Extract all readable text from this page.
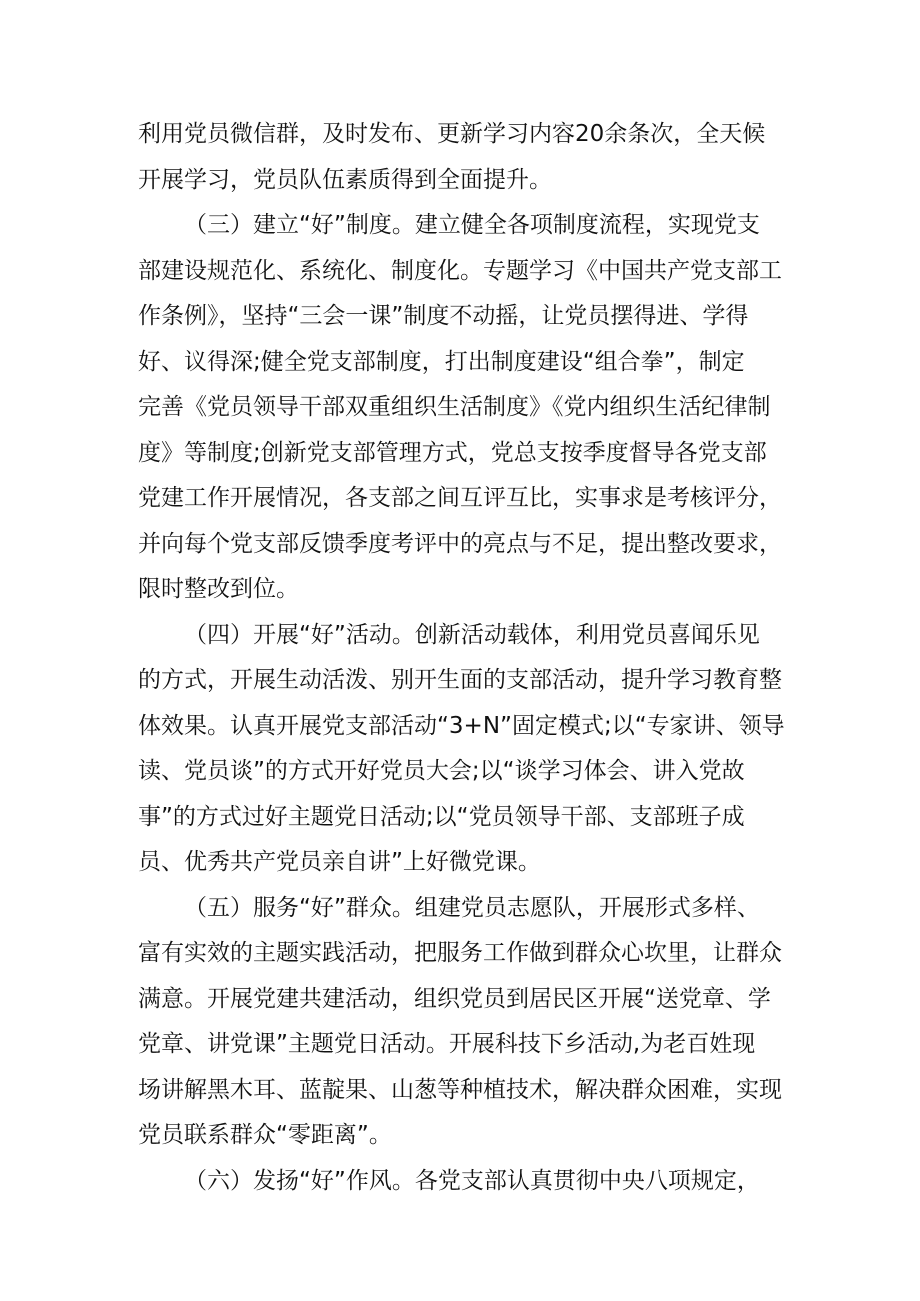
利用党员微信群，及时发布、更新学习内容20余条次，全天候
开展学习，党员队伍素质得到全面提升。
（三）建立“好”制度。建立健全各项制度流程，实现党支
部建设规范化、系统化、制度化。专题学习《中国共产党支部工
作条例》，坚持“三会一课”制度不动摇，让党员摆得进、学得
好、议得深;健全党支部制度，打出制度建设“组合拳”，制定
完善《党员领导干部双重组织生活制度》《党内组织生活纪律制
度》等制度;创新党支部管理方式，党总支按季度督导各党支部
党建工作开展情况，各支部之间互评互比，实事求是考核评分，
并向每个党支部反馈季度考评中的亮点与不足，提出整改要求，
限时整改到位。
（四）开展“好”活动。创新活动载体，利用党员喜闻乐见
的方式，开展生动活泼、别开生面的支部活动，提升学习教育整
体效果。认真开展党支部活动“3+N”固定模式;以“专家讲、领导
读、党员谈”的方式开好党员大会;以“谈学习体会、讲入党故
事”的方式过好主题党日活动;以“党员领导干部、支部班子成
员、优秀共产党员亲自讲”上好微党课。
（五）服务“好”群众。组建党员志愿队，开展形式多样、
富有实效的主题实践活动，把服务工作做到群众心坎里，让群众
满意。开展党建共建活动，组织党员到居民区开展“送党章、学
党章、讲党课”主题党日活动。开展科技下乡活动,为老百姓现
场讲解黑木耳、蓝靛果、山葱等种植技术，解决群众困难，实现
党员联系群众“零距离”。
（六）发扬“好”作风。各党支部认真贯彻中央八项规定，
